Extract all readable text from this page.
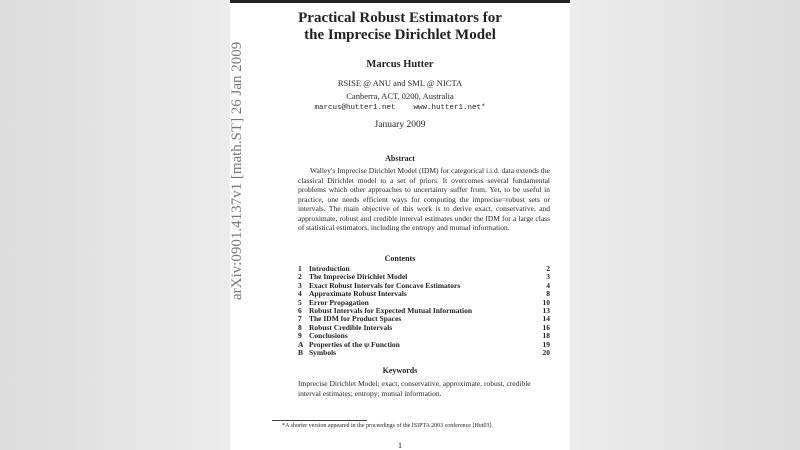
arXiv:0901.4137v1 [math.ST] 26 Jan 2009
Practical Robust Estimators for
the Imprecise Dirichlet Model
Marcus Hutter
RSISE @ ANU and SML @ NICTA
Canberra, ACT, 0200, Australia
marcus@hutter1.net    www.hutter1.net*
January 2009
Abstract
Walley's Imprecise Dirichlet Model (IDM) for categorical i.i.d. data extends the classical Dirichlet model to a set of priors. It overcomes several fundamental problems which other approaches to uncertainty suffer from. Yet, to be useful in practice, one needs efficient ways for computing the imprecise=robust sets or intervals. The main objective of this work is to derive exact, conservative, and approximate, robust and credible interval estimates under the IDM for a large class of statistical estimators, including the entropy and mutual information.
Contents
1 Introduction	2
2 The Imprecise Dirichlet Model	3
3 Exact Robust Intervals for Concave Estimators	4
4 Approximate Robust Intervals	8
5 Error Propagation	10
6 Robust Intervals for Expected Mutual Information	13
7 The IDM for Product Spaces	14
8 Robust Credible Intervals	16
9 Conclusions	18
A Properties of the ψ Function	19
B Symbols	20
Keywords
Imprecise Dirichlet Model; exact, conservative, approximate, robust, credible interval estimates; entropy; mutual information.
*A shorter version appeared in the proceedings of the ISIPTA 2003 conference [Hut03].
1
